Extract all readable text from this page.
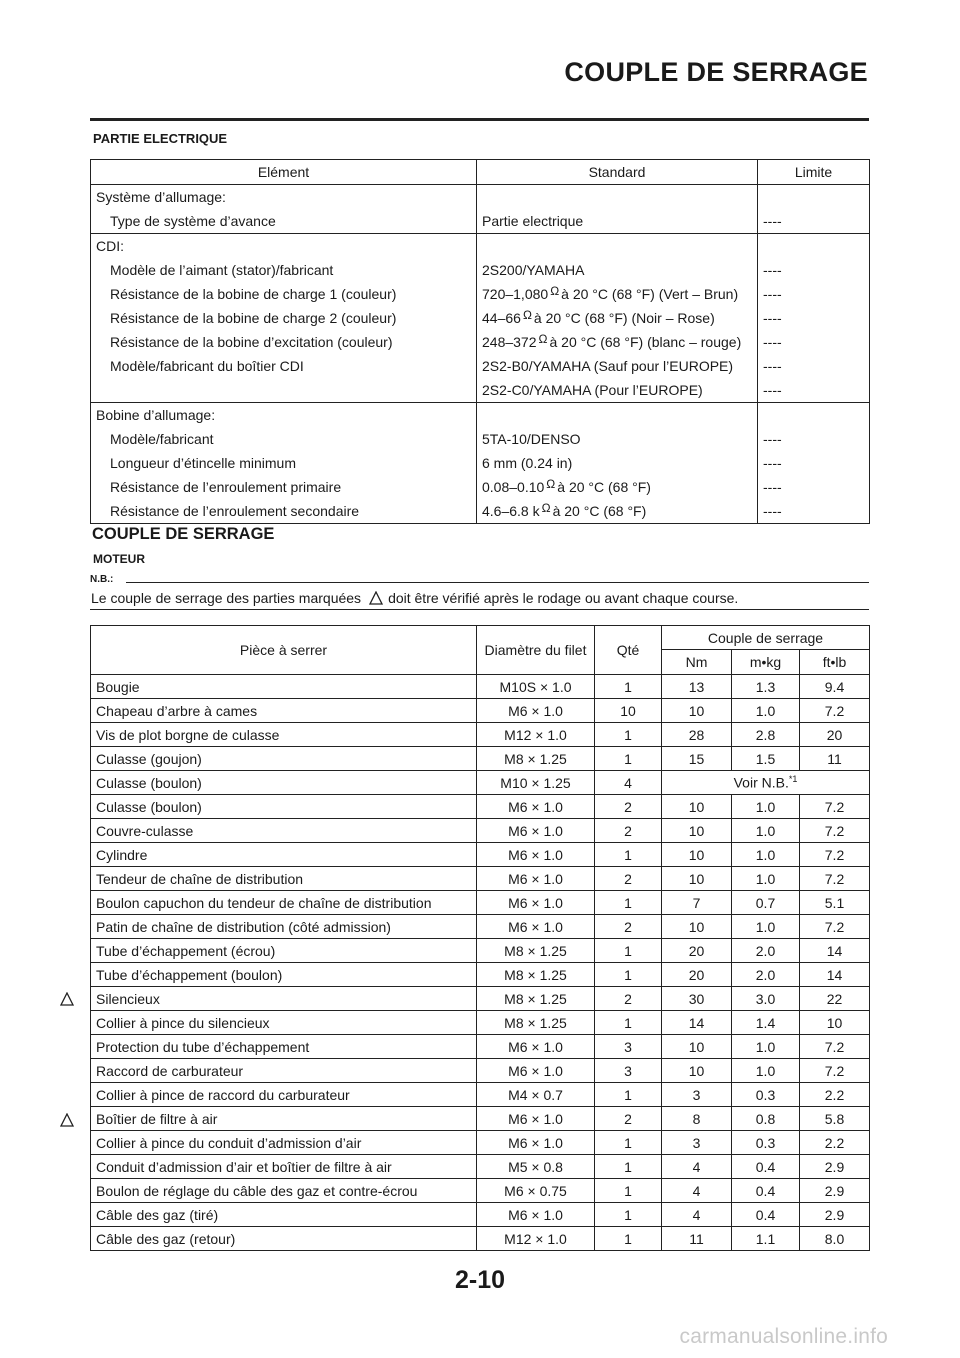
COUPLE DE SERRAGE
PARTIE ELECTRIQUE
Elément	Standard	Limite
Système d’allumage:		
Type de système d’avance	Partie electrique	----
CDI:		
Modèle de l’aimant (stator)/fabricant	2S200/YAMAHA	----
Résistance de la bobine de charge 1 (couleur)	720–1,080 Ω à 20 °C (68 °F) (Vert – Brun)	----
Résistance de la bobine de charge 2 (couleur)	44–66 Ω à 20 °C (68 °F) (Noir – Rose)	----
Résistance de la bobine d’excitation (couleur)	248–372 Ω à 20 °C (68 °F) (blanc – rouge)	----
Modèle/fabricant du boîtier CDI	2S2-B0/YAMAHA (Sauf pour l’EUROPE)	----
	2S2-C0/YAMAHA (Pour l’EUROPE)	----
Bobine d’allumage:		
Modèle/fabricant	5TA-10/DENSO	----
Longueur d’étincelle minimum	6 mm (0.24 in)	----
Résistance de l’enroulement primaire	0.08–0.10 Ω à 20 °C (68 °F)	----
Résistance de l’enroulement secondaire	4.6–6.8 k Ω à 20 °C (68 °F)	----
COUPLE DE SERRAGE
MOTEUR
N.B.:
Le couple de serrage des parties marquées doit être vérifié après le rodage ou avant chaque course.
Pièce à serrer	Diamètre du filet	Qté	Couple de serrage		
			Nm	m•kg	ft•lb
Bougie	M10S × 1.0	1	13	1.3	9.4
Chapeau d’arbre à cames	M6 × 1.0	10	10	1.0	7.2
Vis de plot borgne de culasse	M12 × 1.0	1	28	2.8	20
Culasse (goujon)	M8 × 1.25	1	15	1.5	11
Culasse (boulon)	M10 × 1.25	4	Voir N.B.$^{*1}$
Culasse (boulon)	M6 × 1.0	2	10	1.0	7.2
Couvre-culasse	M6 × 1.0	2	10	1.0	7.2
Cylindre	M6 × 1.0	1	10	1.0	7.2
Tendeur de chaîne de distribution	M6 × 1.0	2	10	1.0	7.2
Boulon capuchon du tendeur de chaîne de distribution	M6 × 1.0	1	7	0.7	5.1
Patin de chaîne de distribution (côté admission)	M6 × 1.0	2	10	1.0	7.2
Tube d’échappement (écrou)	M8 × 1.25	1	20	2.0	14
Tube d’échappement (boulon)	M8 × 1.25	1	20	2.0	14
Silencieux	M8 × 1.25	2	30	3.0	22
Collier à pince du silencieux	M8 × 1.25	1	14	1.4	10
Protection du tube d’échappement	M6 × 1.0	3	10	1.0	7.2
Raccord de carburateur	M6 × 1.0	3	10	1.0	7.2
Collier à pince de raccord du carburateur	M4 × 0.7	1	3	0.3	2.2
Boîtier de filtre à air	M6 × 1.0	2	8	0.8	5.8
Collier à pince du conduit d’admission d’air	M6 × 1.0	1	3	0.3	2.2
Conduit d’admission d’air et boîtier de filtre à air	M5 × 0.8	1	4	0.4	2.9
Boulon de réglage du câble des gaz et contre-écrou	M6 × 0.75	1	4	0.4	2.9
Câble des gaz (tiré)	M6 × 1.0	1	4	0.4	2.9
Câble des gaz (retour)	M12 × 1.0	1	11	1.1	8.0
2-10
carmanualsonline.info
